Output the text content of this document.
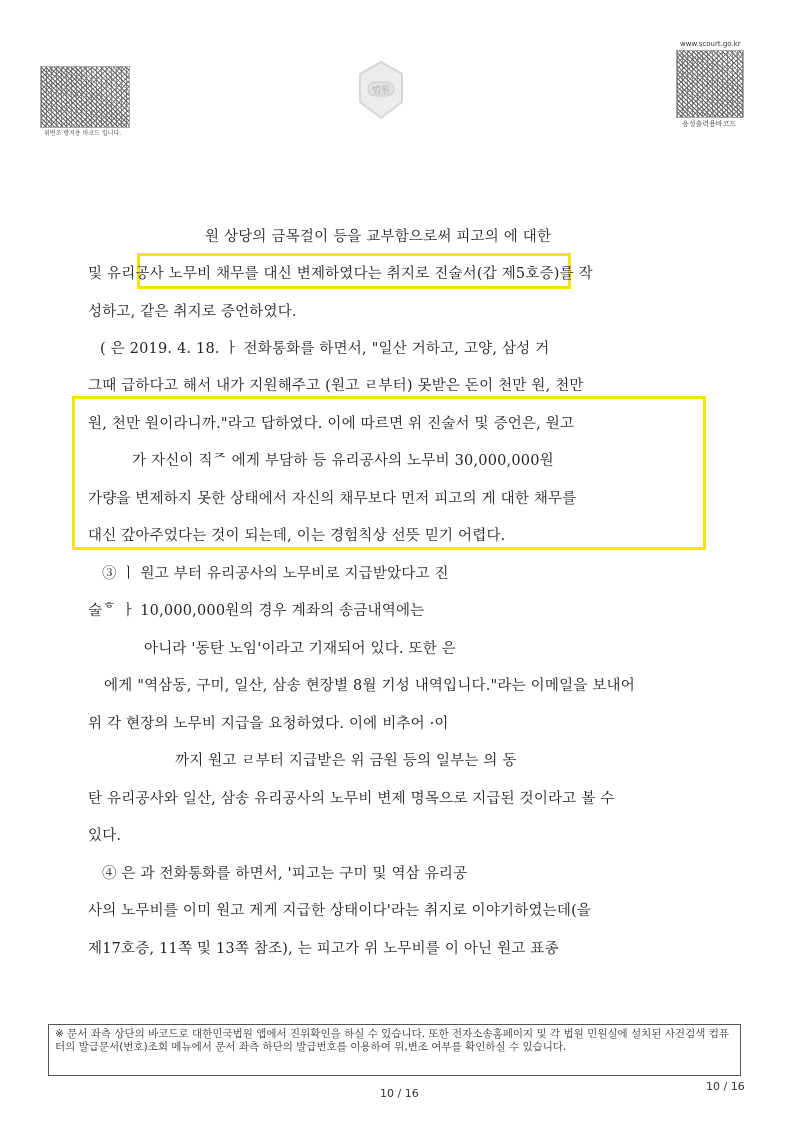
위변조 방지용 바코드 입니다.
법원
www.scourt.go.kr
음성출력용바코드
원 상당의 금목걸이 등을 교부함으로써 피고의 에 대한
및 유리공사 노무비 채무를 대신 변제하였다는 취지로 진술서(갑 제5호증)를 작
성하고, 같은 취지로 증언하였다.
( 은 2019. 4. 18. ㅏ 전화통화를 하면서, "일산 거하고, 고양, 삼성 거
그때 급하다고 해서 내가 지원해주고 (원고 ㄹ부터) 못받은 돈이 천만 원, 천만
원, 천만 원이라니까."라고 답하였다. 이에 따르면 위 진술서 및 증언은, 원고
가 자신이 직ᄌ 에게 부담하 등 유리공사의 노무비 30,000,000원
가량을 변제하지 못한 상태에서 자신의 채무보다 먼저 피고의 게 대한 채무를
대신 갚아주었다는 것이 되는데, 이는 경험칙상 선뜻 믿기 어렵다.
③ ㅣ 원고 부터 유리공사의 노무비로 지급받았다고 진
술ᄒ ㅏ 10,000,000원의 경우 계좌의 송금내역에는
아니라 '동탄 노임'이라고 기재되어 있다. 또한 은
에게 "역삼동, 구미, 일산, 삼송 현장별 8월 기성 내역입니다."라는 이메일을 보내어
위 각 현장의 노무비 지급을 요청하였다. 이에 비추어 ·이
까지 원고 ㄹ부터 지급받은 위 금원 등의 일부는 의 동
탄 유리공사와 일산, 삼송 유리공사의 노무비 변제 명목으로 지급된 것이라고 볼 수
있다.
④ 은 과 전화통화를 하면서, '피고는 구미 및 역삼 유리공
사의 노무비를 이미 원고 게게 지급한 상태이다'라는 취지로 이야기하였는데(을
제17호증, 11쪽 및 13쪽 참조), 는 피고가 위 노무비를 이 아닌 원고 표종
※ 문서 좌측 상단의 바코드로 대한민국법원 앱에서 진위확인을 하실 수 있습니다. 또한 전자소송홈페이지 및 각 법원 민원실에 설치된 사건검색 컴퓨터의 발급문서(번호)조회 메뉴에서 문서 좌측 하단의 발급번호를 이용하여 위,변조 여부를 확인하실 수 있습니다.
10 / 16
10 / 16
